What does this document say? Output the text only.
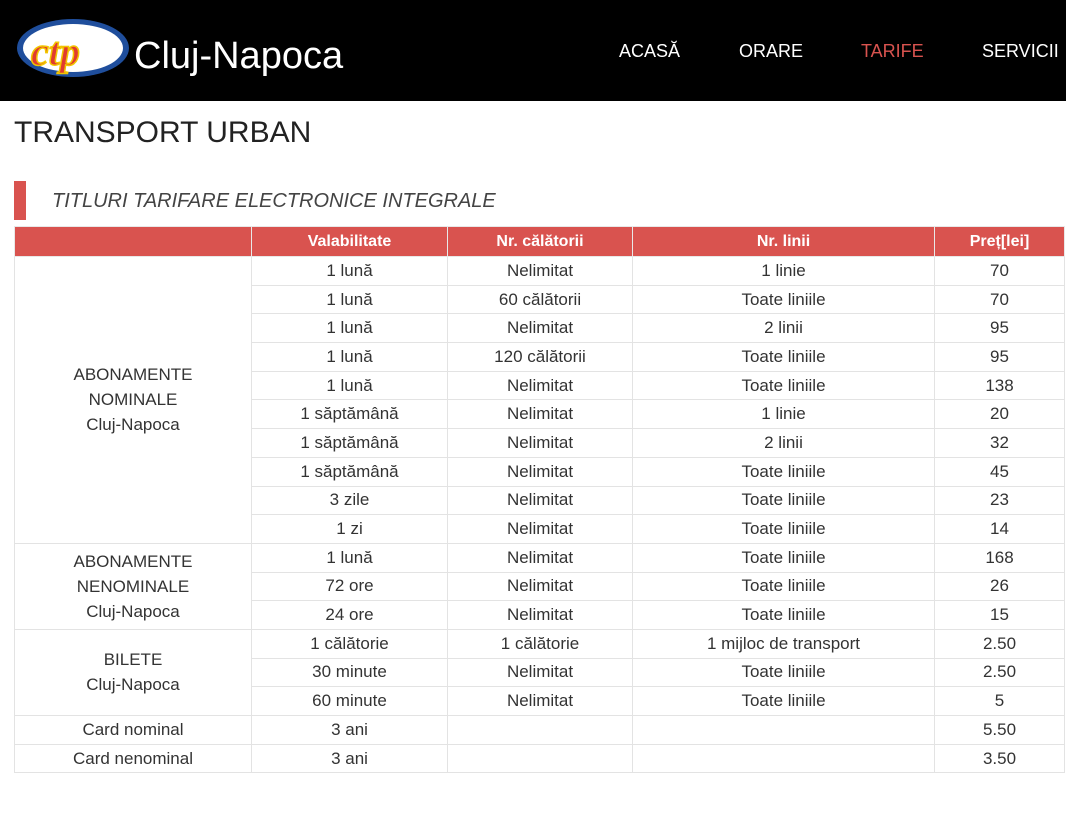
ctp Cluj-Napoca	ACASĂ	ORARE	TARIFE	SERVICII
TRANSPORT URBAN
TITLURI TARIFARE ELECTRONICE INTEGRALE
	Valabilitate	Nr. călătorii	Nr. linii	Preț[lei]
ABONAMENTE
NOMINALE
Cluj-Napoca	1 lună	Nelimitat	1 linie	70
	1 lună	60 călătorii	Toate liniile	70
	1 lună	Nelimitat	2 linii	95
	1 lună	120 călătorii	Toate liniile	95
	1 lună	Nelimitat	Toate liniile	138
	1 săptămână	Nelimitat	1 linie	20
	1 săptămână	Nelimitat	2 linii	32
	1 săptămână	Nelimitat	Toate liniile	45
	3 zile	Nelimitat	Toate liniile	23
	1 zi	Nelimitat	Toate liniile	14
ABONAMENTE
NENOMINALE
Cluj-Napoca	1 lună	Nelimitat	Toate liniile	168
	72 ore	Nelimitat	Toate liniile	26
	24 ore	Nelimitat	Toate liniile	15
BILETE
Cluj-Napoca	1 călătorie	1 călătorie	1 mijloc de transport	2.50
	30 minute	Nelimitat	Toate liniile	2.50
	60 minute	Nelimitat	Toate liniile	5
Card nominal	3 ani			5.50
Card nenominal	3 ani			3.50
